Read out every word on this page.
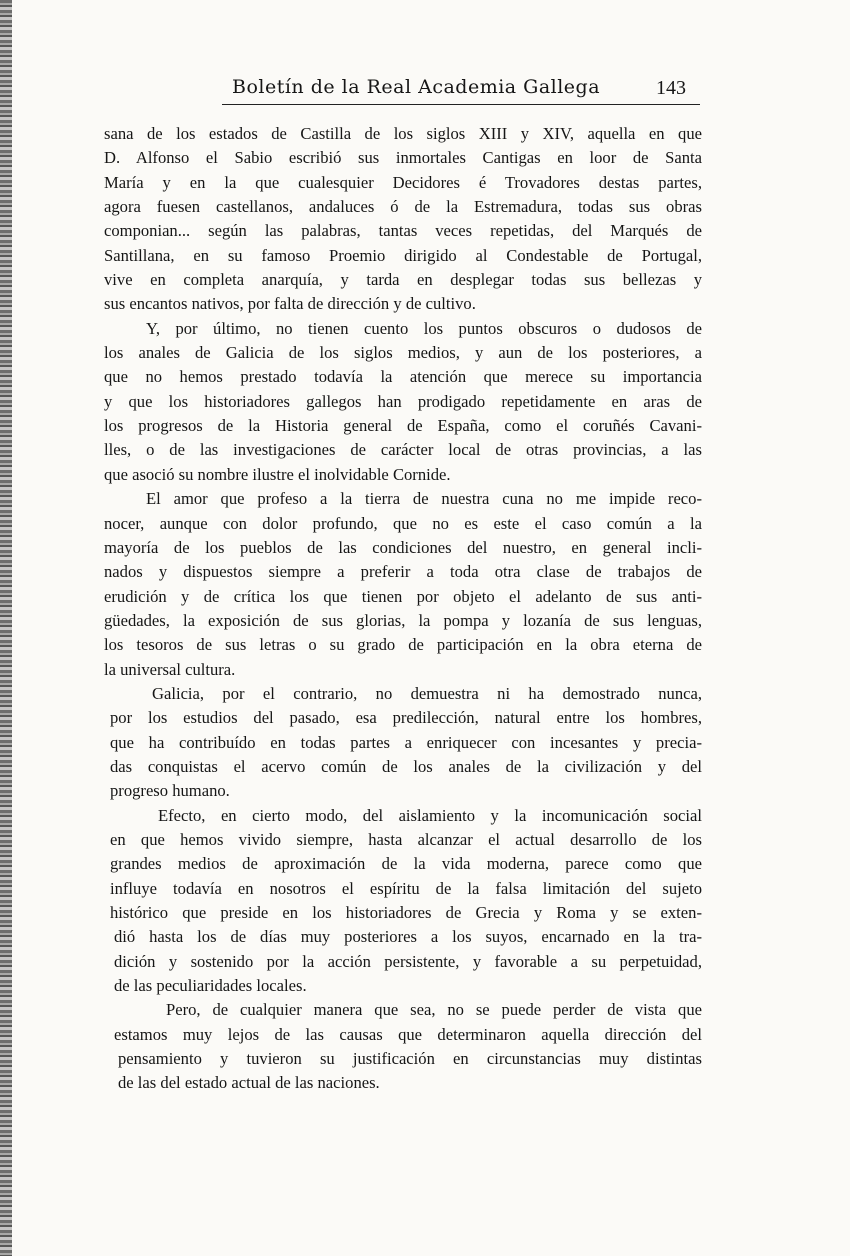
Boletín de la Real Academia Gallega	143
sana de los estados de Castilla de los siglos XIII y XIV, aquella en que
D. Alfonso el Sabio escribió sus inmortales Cantigas en loor de Santa
María y en la que cualesquier Decidores é Trovadores destas partes,
agora fuesen castellanos, andaluces ó de la Estremadura, todas sus obras
componian... según las palabras, tantas veces repetidas, del Marqués de
Santillana, en su famoso Proemio dirigido al Condestable de Portugal,
vive en completa anarquía, y tarda en desplegar todas sus bellezas y
sus encantos nativos, por falta de dirección y de cultivo.
Y, por último, no tienen cuento los puntos obscuros o dudosos de
los anales de Galicia de los siglos medios, y aun de los posteriores, a
que no hemos prestado todavía la atención que merece su importancia
y que los historiadores gallegos han prodigado repetidamente en aras de
los progresos de la Historia general de España, como el coruñés Cavani-
lles, o de las investigaciones de carácter local de otras provincias, a las
que asoció su nombre ilustre el inolvidable Cornide.
El amor que profeso a la tierra de nuestra cuna no me impide reco-
nocer, aunque con dolor profundo, que no es este el caso común a la
mayoría de los pueblos de las condiciones del nuestro, en general incli-
nados y dispuestos siempre a preferir a toda otra clase de trabajos de
erudición y de crítica los que tienen por objeto el adelanto de sus anti-
güedades, la exposición de sus glorias, la pompa y lozanía de sus lenguas,
los tesoros de sus letras o su grado de participación en la obra eterna de
la universal cultura.
Galicia, por el contrario, no demuestra ni ha demostrado nunca,
por los estudios del pasado, esa predilección, natural entre los hombres,
que ha contribuído en todas partes a enriquecer con incesantes y precia-
das conquistas el acervo común de los anales de la civilización y del
progreso humano.
Efecto, en cierto modo, del aislamiento y la incomunicación social
en que hemos vivido siempre, hasta alcanzar el actual desarrollo de los
grandes medios de aproximación de la vida moderna, parece como que
influye todavía en nosotros el espíritu de la falsa limitación del sujeto
histórico que preside en los historiadores de Grecia y Roma y se exten-
dió hasta los de días muy posteriores a los suyos, encarnado en la tra-
dición y sostenido por la acción persistente, y favorable a su perpetuidad,
de las peculiaridades locales.
Pero, de cualquier manera que sea, no se puede perder de vista que
estamos muy lejos de las causas que determinaron aquella dirección del
pensamiento y tuvieron su justificación en circunstancias muy distintas
de las del estado actual de las naciones.
